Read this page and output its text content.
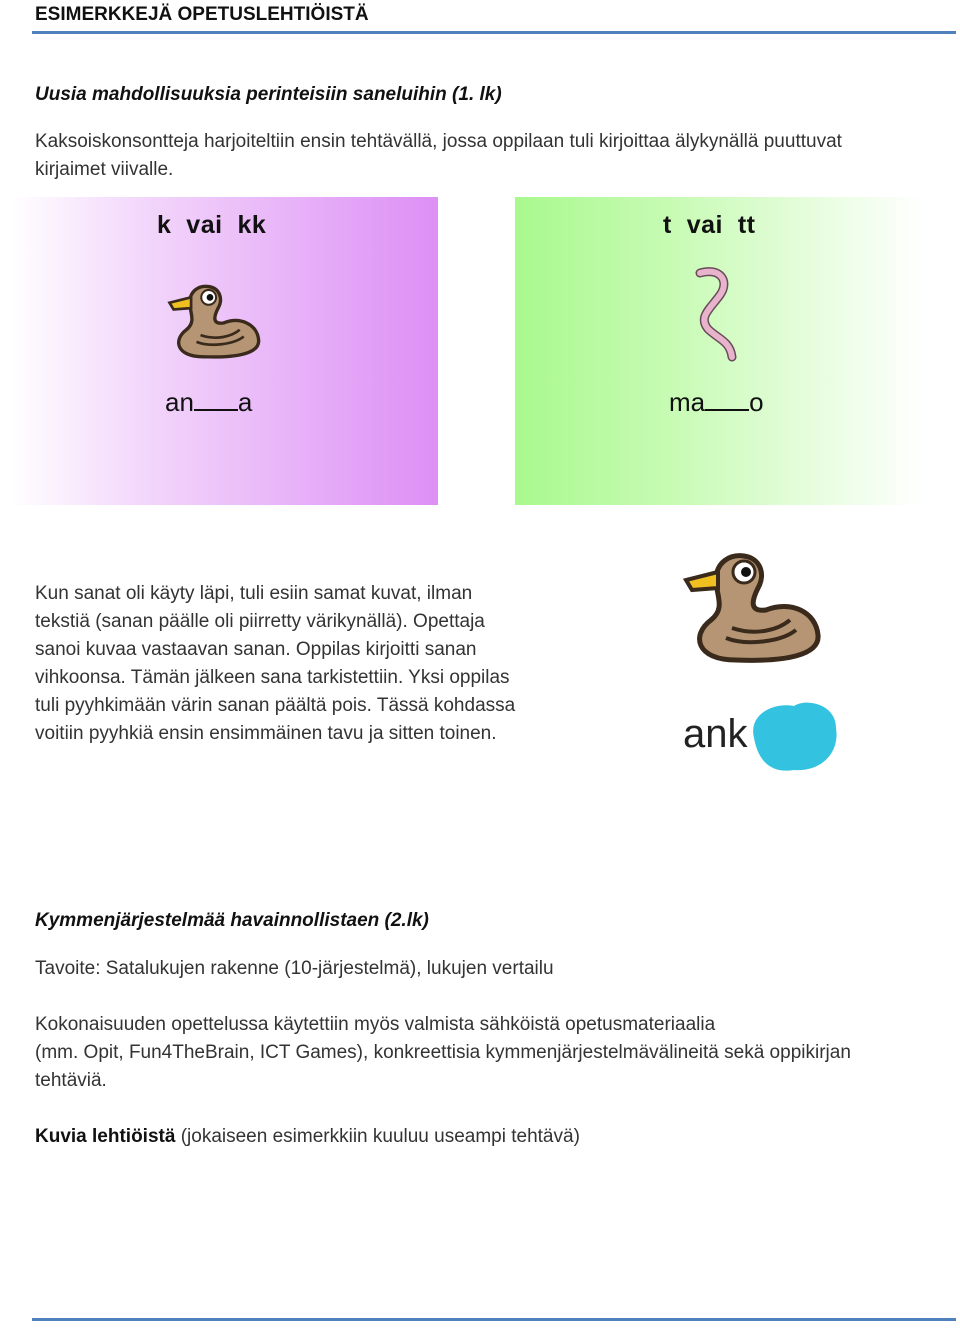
ESIMERKKEJÄ OPETUSLEHTIÖISTÄ
Uusia mahdollisuuksia perinteisiin saneluihin (1. lk)
Kaksoiskonsontteja harjoiteltiin ensin tehtävällä, jossa oppilaan tuli kirjoittaa älykynällä puuttuvat
kirjaimet viivalle.
k  vai  kk
an a
t  vai  tt
ma o
Kun sanat oli käyty läpi, tuli esiin samat kuvat, ilman
tekstiä (sanan päälle oli piirretty värikynällä). Opettaja
sanoi kuvaa vastaavan sanan. Oppilas kirjoitti sanan
vihkoonsa. Tämän jälkeen sana tarkistettiin. Yksi oppilas
tuli pyyhkimään värin sanan päältä pois. Tässä kohdassa
voitiin pyyhkiä ensin ensimmäinen tavu ja sitten toinen.	ank
Kymmenjärjestelmää havainnollistaen (2.lk)
Tavoite: Satalukujen rakenne (10-järjestelmä), lukujen vertailu
Kokonaisuuden opettelussa käytettiin myös valmista sähköistä opetusmateriaalia
(mm. Opit, Fun4TheBrain, ICT Games), konkreettisia kymmenjärjestelmävälineitä sekä oppikirjan
tehtäviä.
Kuvia lehtiöistä (jokaiseen esimerkkiin kuuluu useampi tehtävä)
